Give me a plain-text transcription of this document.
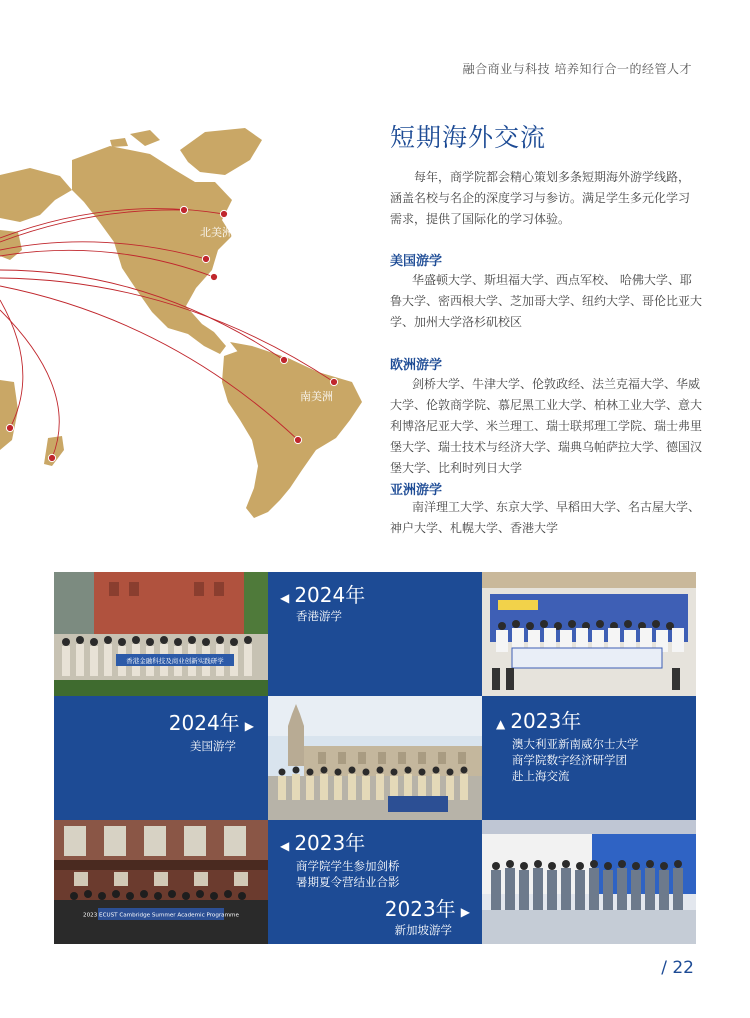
融合商业与科技 培养知行合一的经管人才
北美洲
南美洲
短期海外交流
每年，商学院都会精心策划多条短期海外游学线路，涵盖名校与名企的深度学习与参访。满足学生多元化学习需求，提供了国际化的学习体验。
美国游学
华盛顿大学、斯坦福大学、西点军校、 哈佛大学、耶鲁大学、密西根大学、芝加哥大学、纽约大学、哥伦比亚大学、加州大学洛杉矶校区
欧洲游学
剑桥大学、牛津大学、伦敦政经、法兰克福大学、华威大学、伦敦商学院、慕尼黑工业大学、柏林工业大学、意大利博洛尼亚大学、米兰理工、瑞士联邦理工学院、瑞士弗里堡大学、瑞士技术与经济大学、瑞典乌帕萨拉大学、德国汉堡大学、比利时列日大学
亚洲游学
南洋理工大学、东京大学、早稻田大学、名古屋大学、神户大学、札幌大学、香港大学
香港金融科技及商业创新实践研学
◀ 2024年
香港游学
2024年 ▶
美国游学
▲ 2023年
澳大利亚新南威尔士大学
商学院数字经济研学团
赴上海交流
2023 ECUST Cambridge Summer Academic Programme
◀ 2023年
商学院学生参加剑桥
暑期夏令营结业合影
2023年 ▶
新加坡游学
/ 22
